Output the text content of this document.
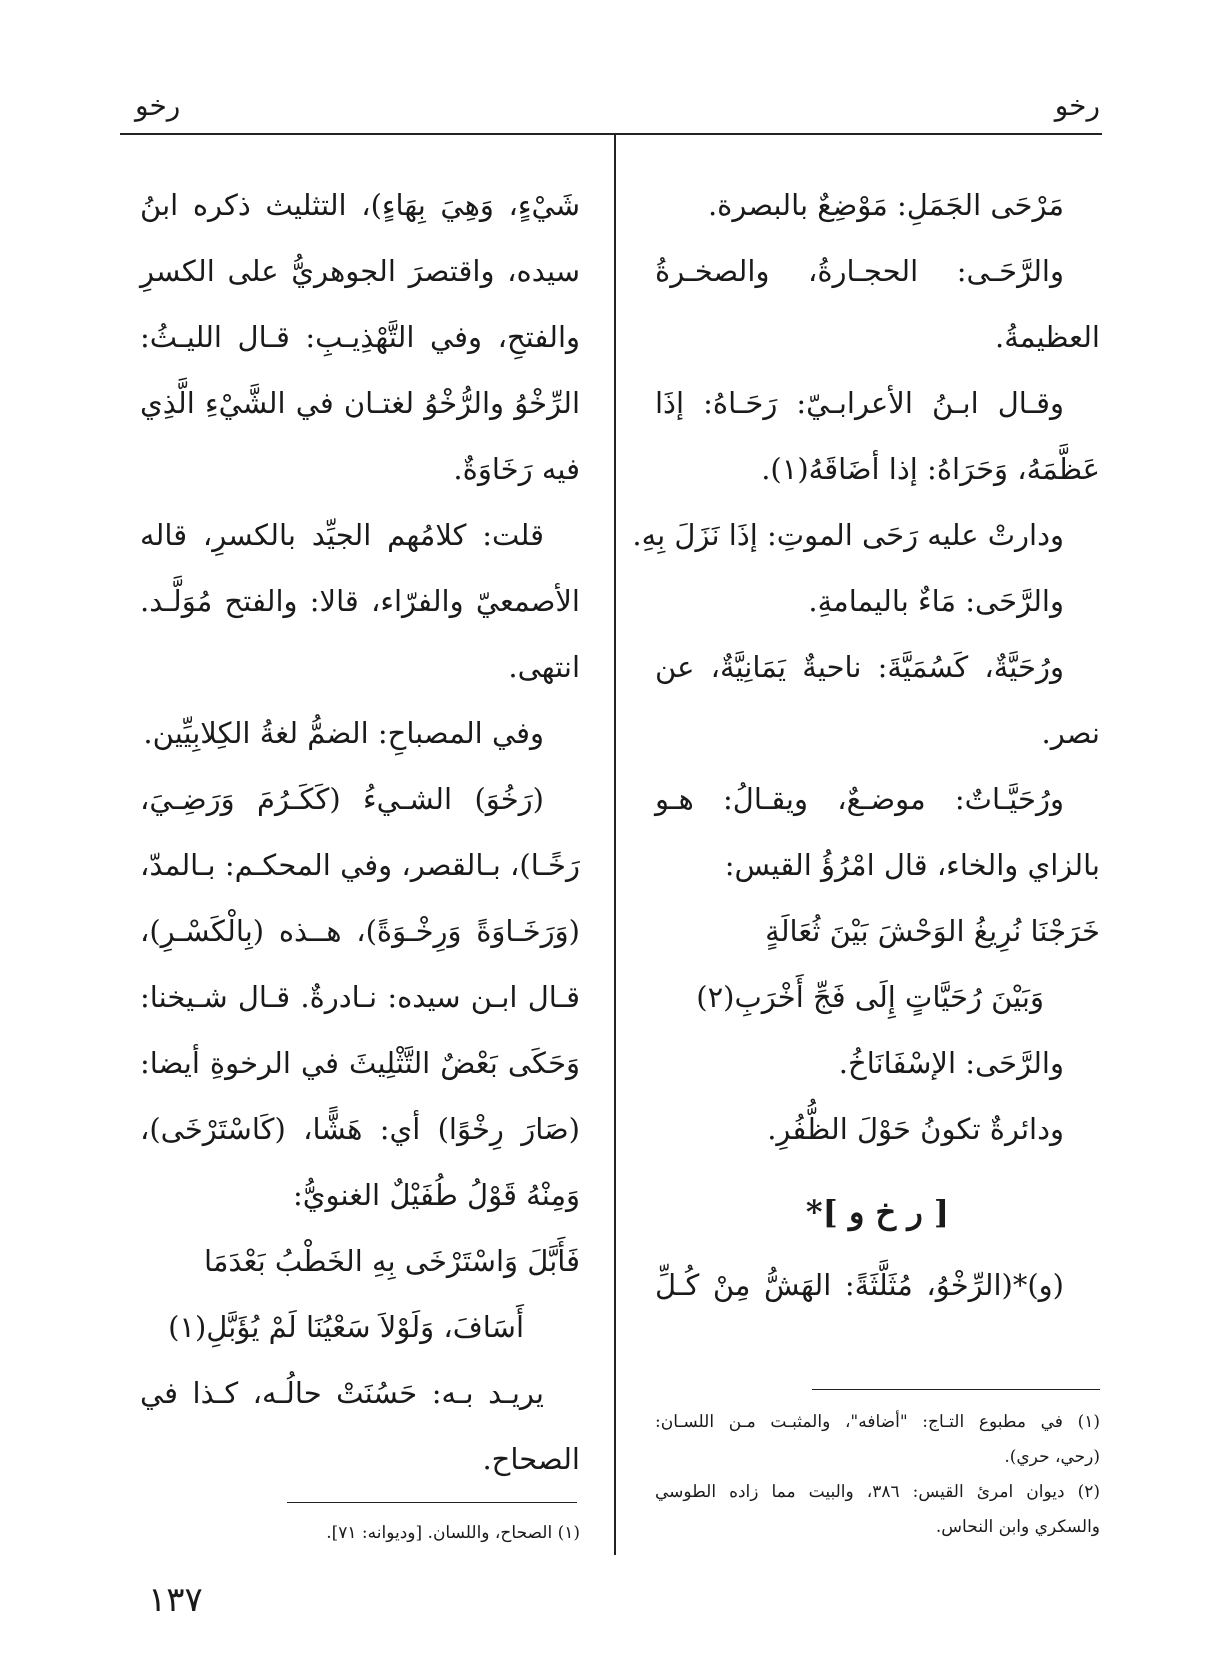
رخو
رخو
مَرْحَى الجَمَلِ: مَوْضِعٌ بالبصرة.
والرَّحَـى: الحجـارةُ، والصخـرةُ
العظيمةُ.
وقـال ابـنُ الأعرابـيّ: رَحَـاهُ: إذَا
عَظَّمَهُ، وَحَرَاهُ: إذا أضَاقَهُ(١).
ودارتْ عليه رَحَى الموتِ: إذَا نَزَلَ بِهِ.
والرَّحَى: مَاءٌ باليمامةِ.
ورُحَيَّةٌ، كَسُمَيَّةَ: ناحيةٌ يَمَانِيَّةٌ، عن
نصر.
ورُحَيَّـاتٌ: موضـعٌ، ويقـالُ: هـو
بالزاي والخاء، قال امْرُؤُ القيس:
خَرَجْنَا نُرِيغُ الوَحْشَ بَيْنَ ثُعَالَةٍ
وَبَيْنَ رُحَيَّاتٍ إِلَى فَجِّ أَخْرَبِ(٢)
والرَّحَى: الإسْفَانَاخُ.
ودائرةٌ تكونُ حَوْلَ الظُّفُرِ.
[ ر خ و ]*
(و)*(الرِّخْوُ، مُثَلَّثَةً: الهَشُّ مِنْ كُـلِّ
شَيْءٍ، وَهِيَ بِهَاءٍ)، التثليث ذكره ابنُ
سيده، واقتصرَ الجوهريُّ على الكسرِ
والفتحِ، وفي التَّهْذِيـبِ: قـال الليـثُ:
الرِّخْوُ والرُّخْوُ لغتـان في الشَّيْءِ الَّذِي
فيه رَخَاوَةٌ.
قلت: كلامُهم الجيِّد بالكسرِ، قاله
الأصمعيّ والفرّاء، قالا: والفتح مُوَلَّـد.
انتهى.
وفي المصباحِ: الضمُّ لغةُ الكِلابِيِّين.
(رَخُوَ) الشـيءُ (كَكَـرُمَ وَرَضِـيَ،
رَخًـا)، بـالقصر، وفي المحكـم: بـالمدّ،
(وَرَخَـاوَةً وَرِخْـوَةً)، هــذه (بِالْكَسْـرِ)،
قـال ابـن سيده: نـادرةٌ. قـال شـيخنا:
وَحَكَى بَعْضٌ التَّثْلِيثَ في الرخوةِ أيضا:
(صَارَ رِخْوًا) أي: هَشًّا، (كَاسْتَرْخَى)،
وَمِنْهُ قَوْلُ طُفَيْلٌ الغنويُّ:
فَأَبَّلَ وَاسْتَرْخَى بِهِ الخَطْبُ بَعْدَمَا
أَسَافَ، وَلَوْلاَ سَعْيُنَا لَمْ يُؤَبَّلِ(١)
يريـد بـه: حَسُنَتْ حالُـه، كـذا في
الصحاح.
(١) في مطبوع التـاج: "أضافه"، والمثبـت مـن اللسـان:
(رحي، حري).
(٢) ديوان امرئ القيس: ٣٨٦، والبيت مما زاده الطوسي
والسكري وابن النحاس.
(١) الصحاح، واللسان. [وديوانه: ٧١].
١٣٧
